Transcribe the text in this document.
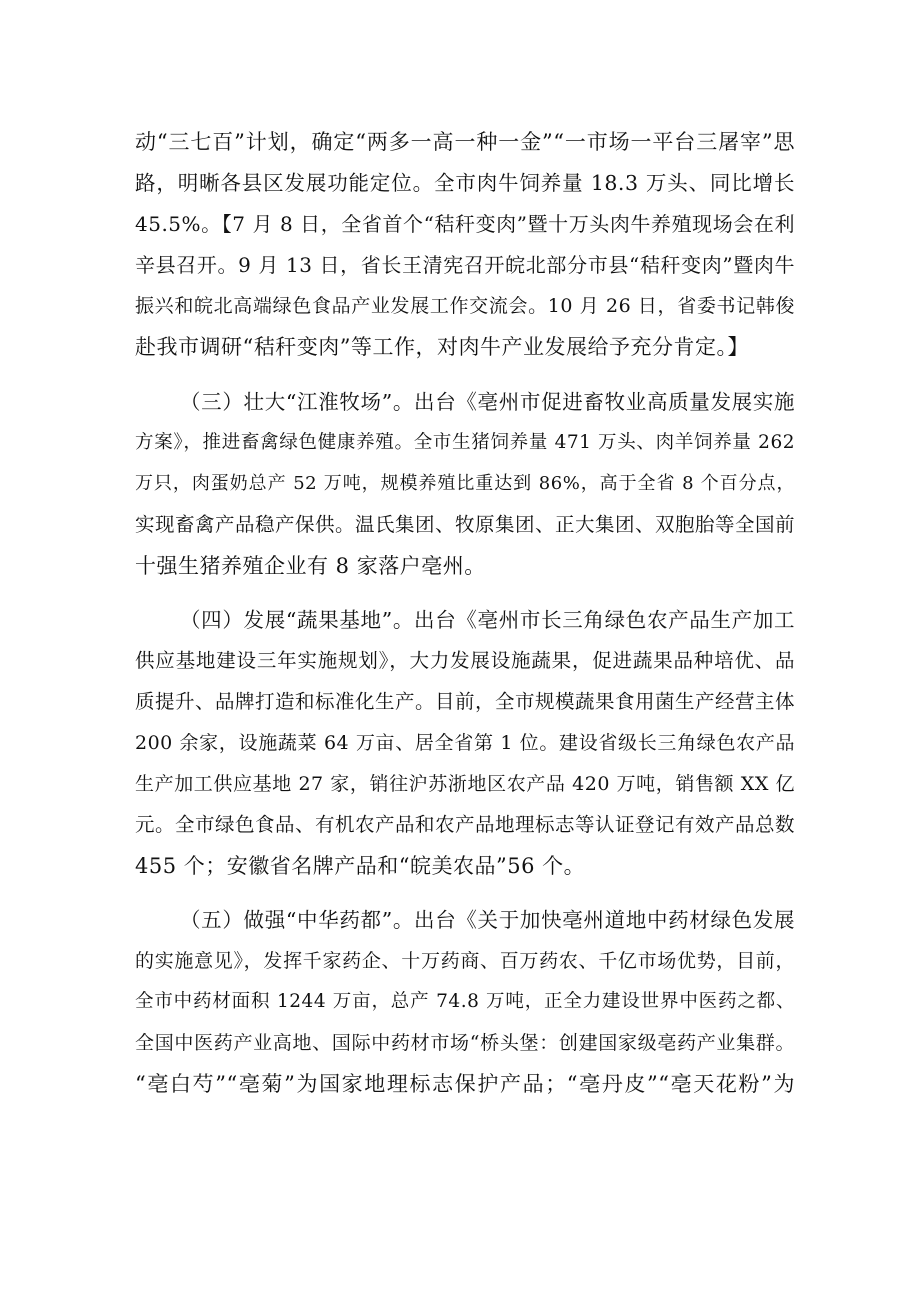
动“三七百”计划，确定“两多一高一种一金”“一市场一平台三屠宰”思
路，明晰各县区发展功能定位。全市肉牛饲养量 18.3 万头、同比增长
45.5%。【7 月 8 日，全省首个“秸秆变肉”暨十万头肉牛养殖现场会在利
辛县召开。9 月 13 日，省长王清宪召开皖北部分市县“秸秆变肉”暨肉牛
振兴和皖北高端绿色食品产业发展工作交流会。10 月 26 日，省委书记韩俊
赴我市调研“秸秆变肉”等工作，对肉牛产业发展给予充分肯定。】
（三）壮大“江淮牧场”。出台《亳州市促进畜牧业高质量发展实施
方案》，推进畜禽绿色健康养殖。全市生猪饲养量 471 万头、肉羊饲养量 262
万只，肉蛋奶总产 52 万吨，规模养殖比重达到 86%，高于全省 8 个百分点，
实现畜禽产品稳产保供。温氏集团、牧原集团、正大集团、双胞胎等全国前
十强生猪养殖企业有 8 家落户亳州。
（四）发展“蔬果基地”。出台《亳州市长三角绿色农产品生产加工
供应基地建设三年实施规划》，大力发展设施蔬果，促进蔬果品种培优、品
质提升、品牌打造和标准化生产。目前，全市规模蔬果食用菌生产经营主体
200 余家，设施蔬菜 64 万亩、居全省第 1 位。建设省级长三角绿色农产品
生产加工供应基地 27 家，销往沪苏浙地区农产品 420 万吨，销售额 XX 亿
元。全市绿色食品、有机农产品和农产品地理标志等认证登记有效产品总数
455 个；安徽省名牌产品和“皖美农品”56 个。
（五）做强“中华药都”。出台《关于加快亳州道地中药材绿色发展
的实施意见》，发挥千家药企、十万药商、百万药农、千亿市场优势，目前，
全市中药材面积 1244 万亩，总产 74.8 万吨，正全力建设世界中医药之都、
全国中医药产业高地、国际中药材市场“桥头堡：创建国家级亳药产业集群。
“亳白芍”“亳菊”为国家地理标志保护产品；“亳丹皮”“亳天花粉”为
